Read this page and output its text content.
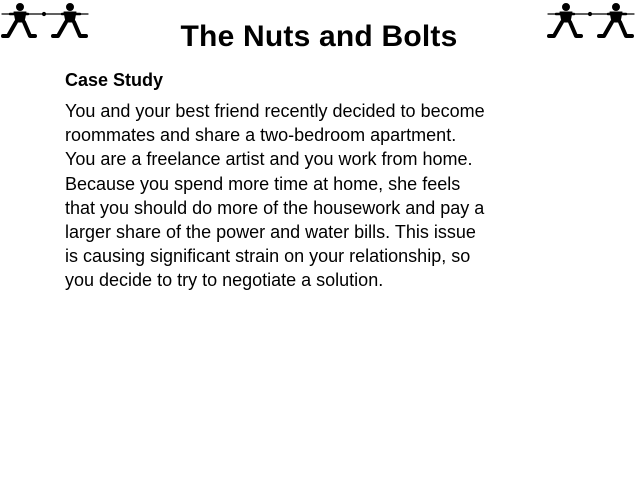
The Nuts and Bolts
Case Study

You and your best friend recently decided to become
roommates and share a two-bedroom apartment.
You are a freelance artist and you work from home.
Because you spend more time at home, she feels
that you should do more of the housework and pay a
larger share of the power and water bills. This issue
is causing significant strain on your relationship, so
you decide to try to negotiate a solution.
